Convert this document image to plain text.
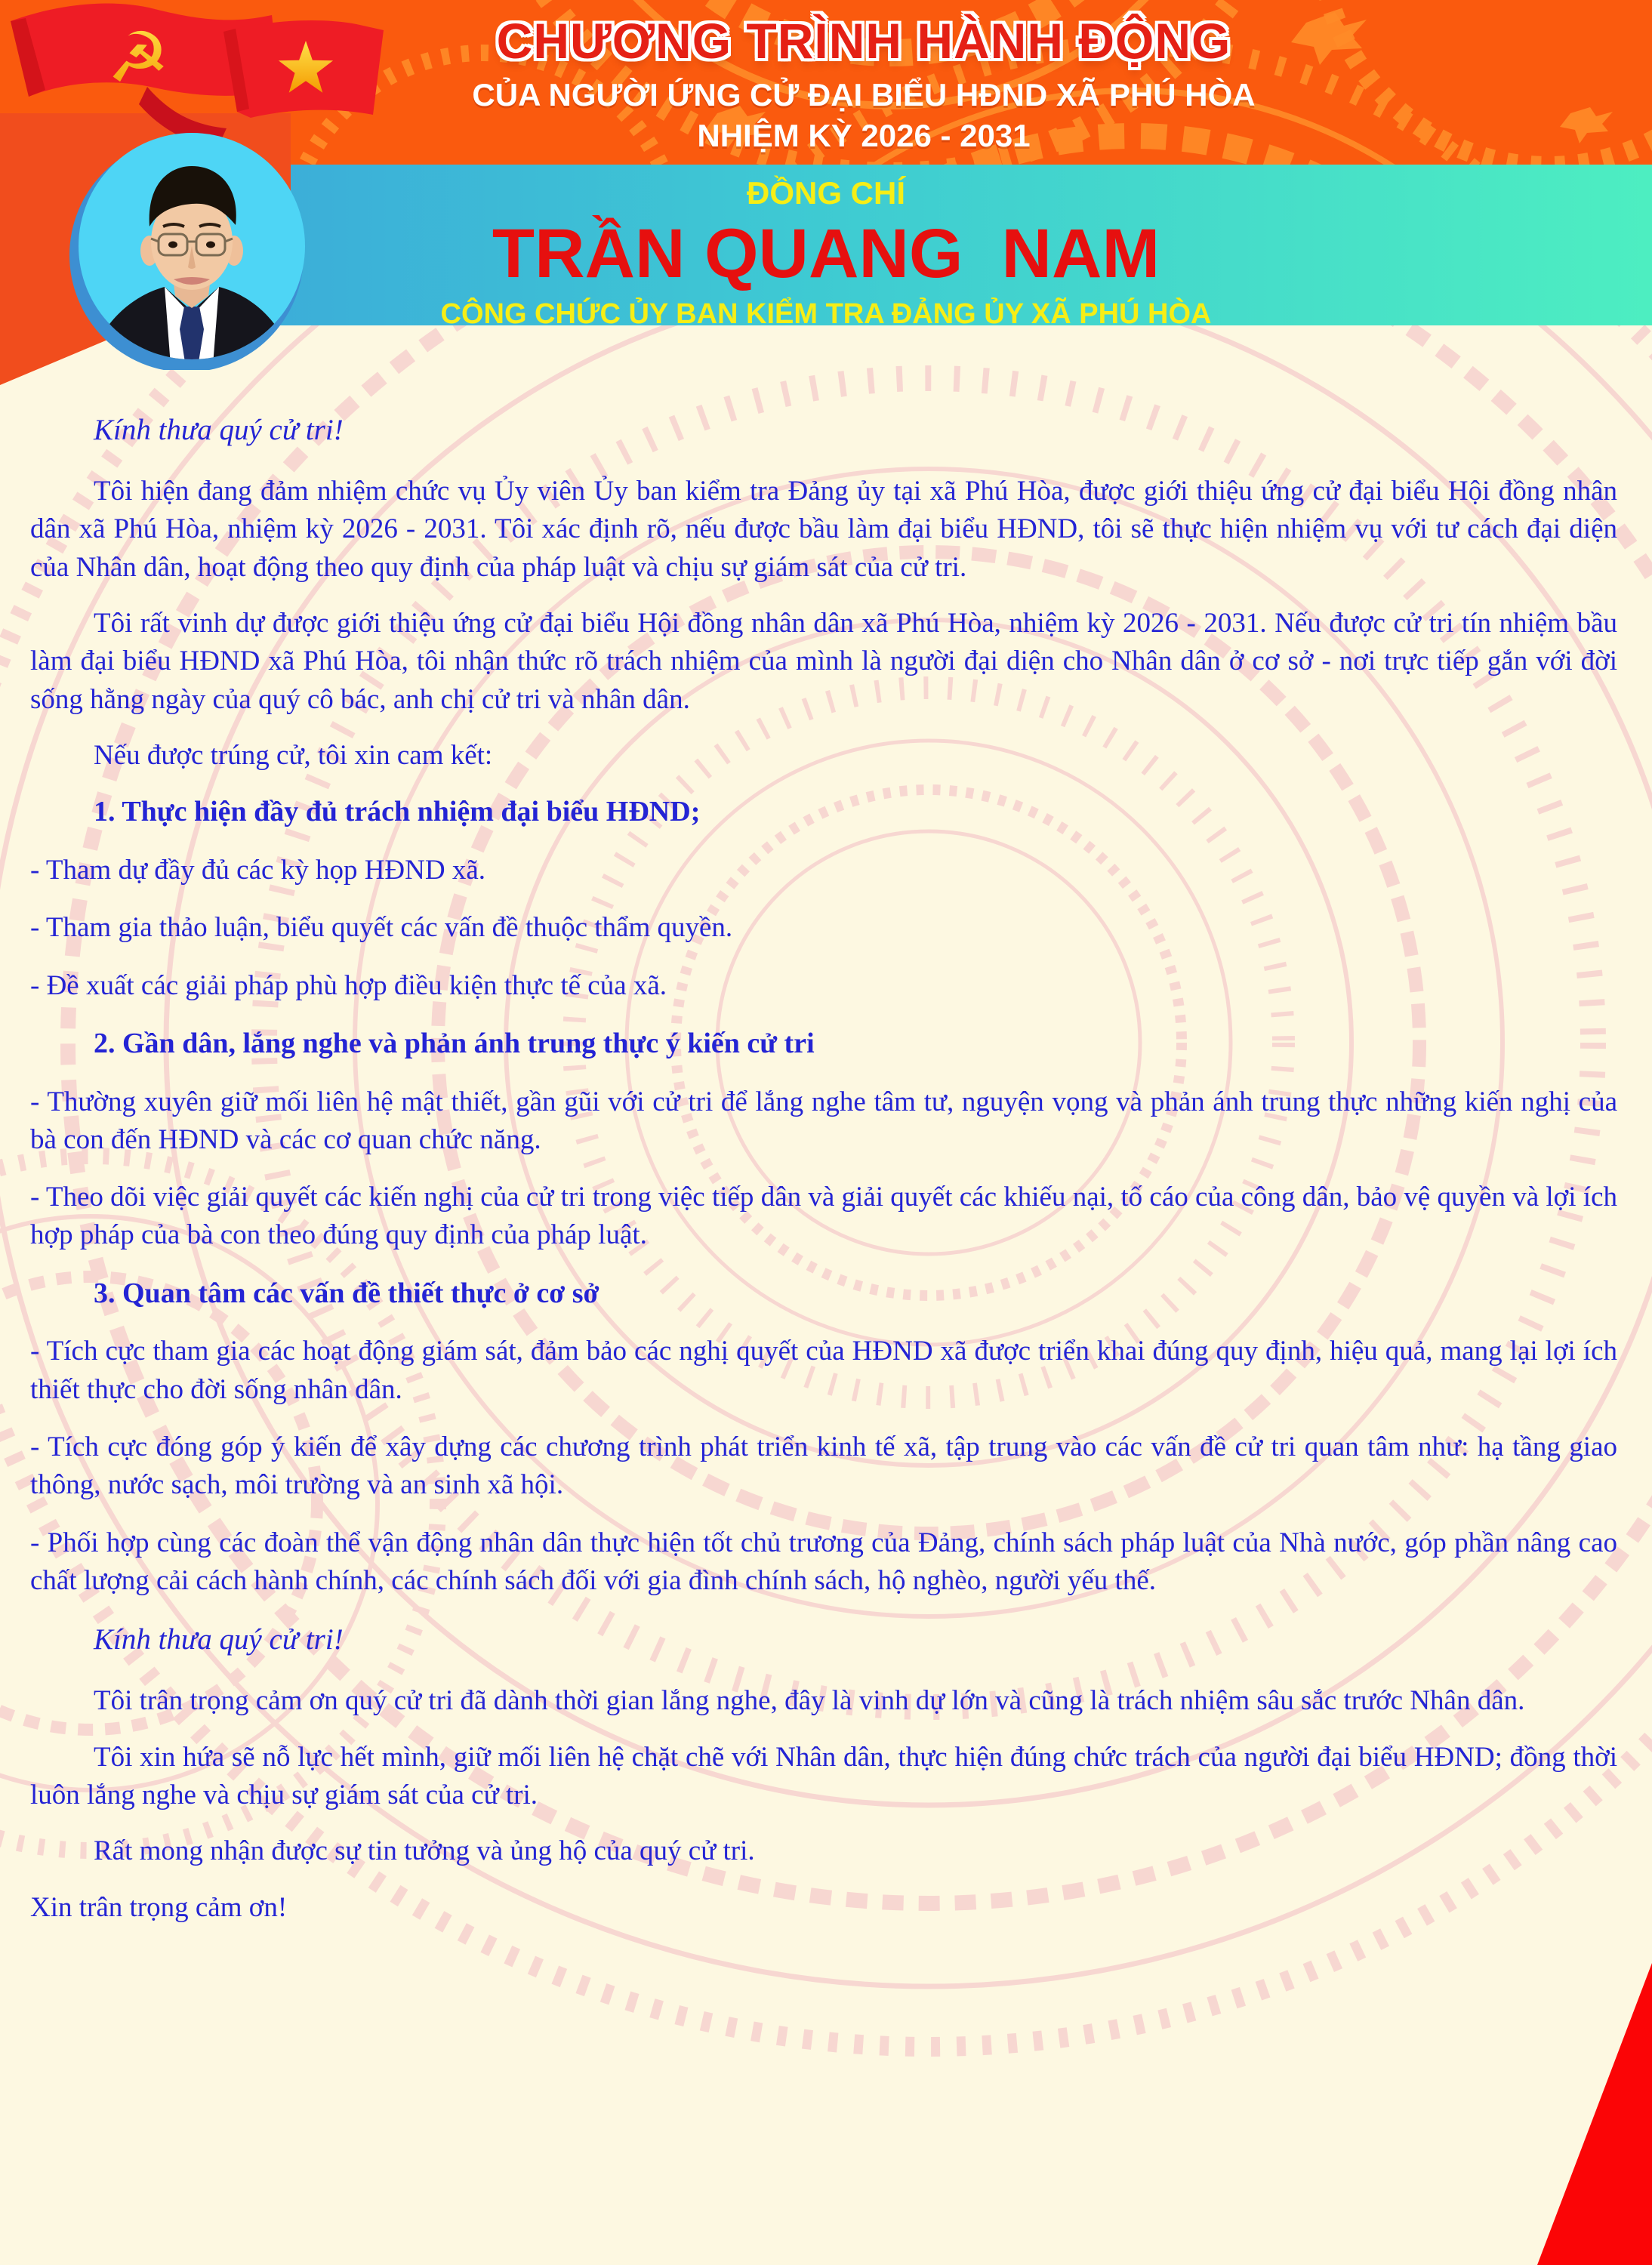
CHƯƠNG TRÌNH HÀNH ĐỘNG
CỦA NGƯỜI ỨNG CỬ ĐẠI BIỂU HĐND XÃ PHÚ HÒA
NHIỆM KỲ 2026 - 2031
ĐỒNG CHÍ
TRẦN QUANG  NAM
CÔNG CHỨC ỦY BAN KIỂM TRA ĐẢNG ỦY XÃ PHÚ HÒA
☭

Kính thưa quý cử tri!

Tôi hiện đang đảm nhiệm chức vụ Ủy viên Ủy ban kiểm tra Đảng ủy tại xã Phú Hòa, được giới thiệu ứng cử đại biểu Hội đồng nhân dân xã Phú Hòa, nhiệm kỳ 2026 - 2031. Tôi xác định rõ, nếu được bầu làm đại biểu HĐND, tôi sẽ thực hiện nhiệm vụ với tư cách đại diện của Nhân dân, hoạt động theo quy định của pháp luật và chịu sự giám sát của cử tri.

Tôi rất vinh dự được giới thiệu ứng cử đại biểu Hội đồng nhân dân xã Phú Hòa, nhiệm kỳ 2026 - 2031. Nếu được cử tri tín nhiệm bầu làm đại biểu HĐND xã Phú Hòa, tôi nhận thức rõ trách nhiệm của mình là người đại diện cho Nhân dân ở cơ sở - nơi trực tiếp gắn với đời sống hằng ngày của quý cô bác, anh chị cử tri và nhân dân.

Nếu được trúng cử, tôi xin cam kết:

1. Thực hiện đầy đủ trách nhiệm đại biểu HĐND;

- Tham dự đầy đủ các kỳ họp HĐND xã.

- Tham gia thảo luận, biểu quyết các vấn đề thuộc thẩm quyền.

- Đề xuất các giải pháp phù hợp điều kiện thực tế của xã.

2. Gần dân, lắng nghe và phản ánh trung thực ý kiến cử tri

- Thường xuyên giữ mối liên hệ mật thiết, gần gũi với cử tri để lắng nghe tâm tư, nguyện vọng và phản ánh trung thực những kiến nghị của bà con đến HĐND và các cơ quan chức năng.

- Theo dõi việc giải quyết các kiến nghị của cử tri trong việc tiếp dân và giải quyết các khiếu nại, tố cáo của công dân, bảo vệ quyền và lợi ích hợp pháp của bà con theo đúng quy định của pháp luật.

3. Quan tâm các vấn đề thiết thực ở cơ sở

- Tích cực tham gia các hoạt động giám sát, đảm bảo các nghị quyết của HĐND xã được triển khai đúng quy định, hiệu quả, mang lại lợi ích thiết thực cho đời sống nhân dân.

- Tích cực đóng góp ý kiến để xây dựng các chương trình phát triển kinh tế xã, tập trung vào các vấn đề cử tri quan tâm như: hạ tầng giao thông, nước sạch, môi trường và an sinh xã hội.

- Phối hợp cùng các đoàn thể vận động nhân dân thực hiện tốt chủ trương của Đảng, chính sách pháp luật của Nhà nước, góp phần nâng cao chất lượng cải cách hành chính, các chính sách đối với gia đình chính sách, hộ nghèo, người yếu thế.

Kính thưa quý cử tri!

Tôi trân trọng cảm ơn quý cử tri đã dành thời gian lắng nghe, đây là vinh dự lớn và cũng là trách nhiệm sâu sắc trước Nhân dân.

Tôi xin hứa sẽ nỗ lực hết mình, giữ mối liên hệ chặt chẽ với Nhân dân, thực hiện đúng chức trách của người đại biểu HĐND; đồng thời luôn lắng nghe và chịu sự giám sát của cử tri.

Rất mong nhận được sự tin tưởng và ủng hộ của quý cử tri.

Xin trân trọng cảm ơn!
